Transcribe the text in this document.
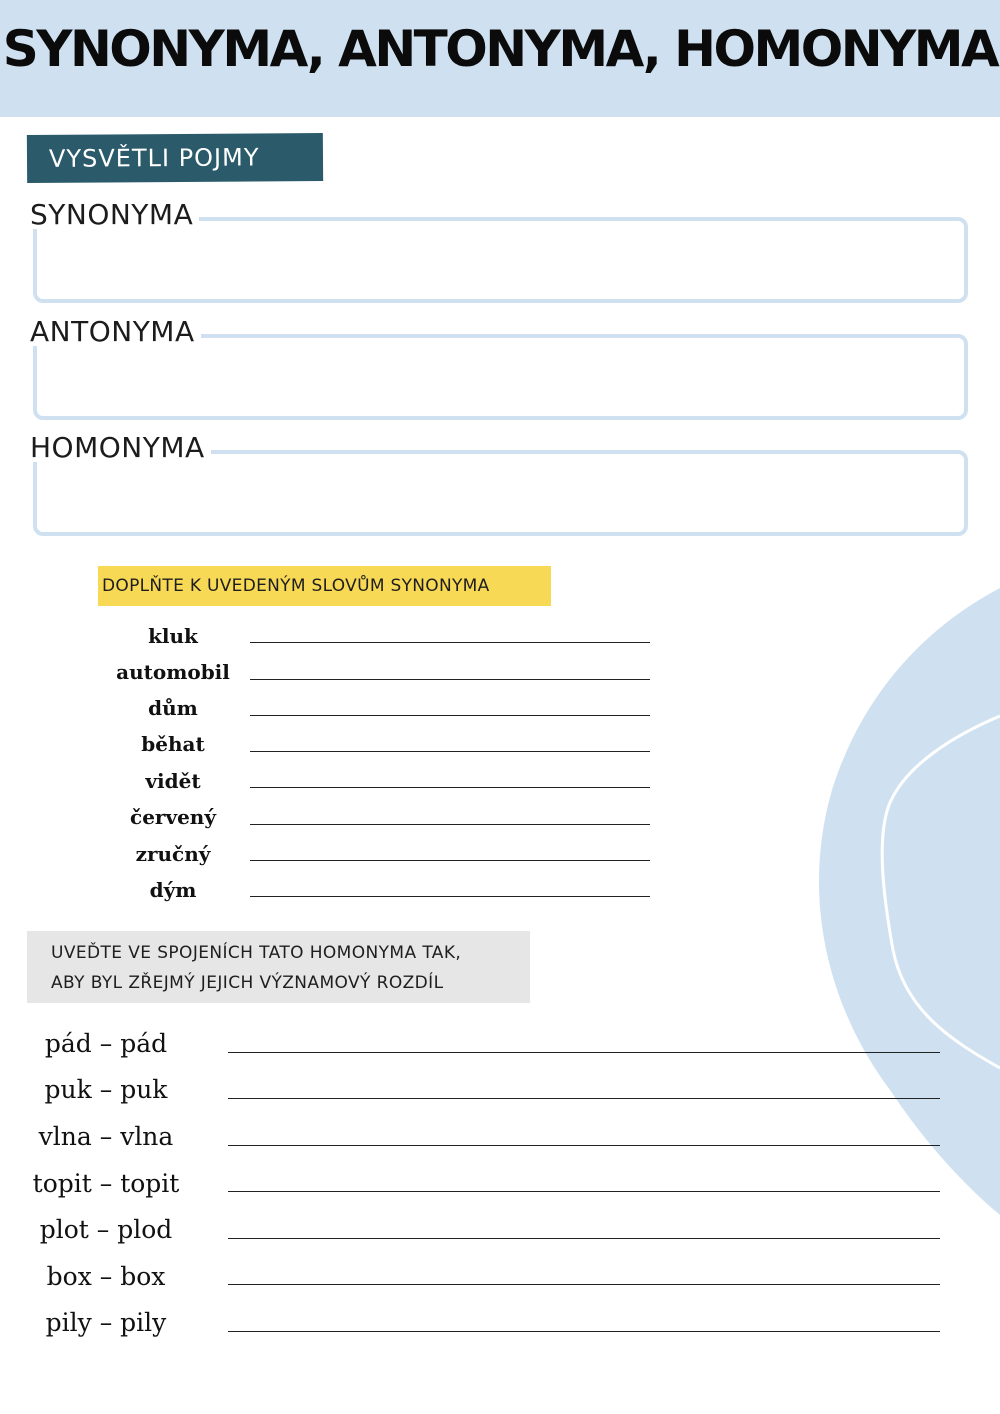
SYNONYMA, ANTONYMA, HOMONYMA
VYSVĚTLI POJMY
SYNONYMA
ANTONYMA
HOMONYMA
DOPLŇTE K UVEDENÝM SLOVŮM SYNONYMA
kluk
automobil
dům
běhat
vidět
červený
zručný
dým
UVEĎTE VE SPOJENÍCH TATO HOMONYMA TAK,
ABY BYL ZŘEJMÝ JEJICH VÝZNAMOVÝ ROZDÍL
pád – pád
puk – puk
vlna – vlna
topit – topit
plot – plod
box – box
pily – pily
